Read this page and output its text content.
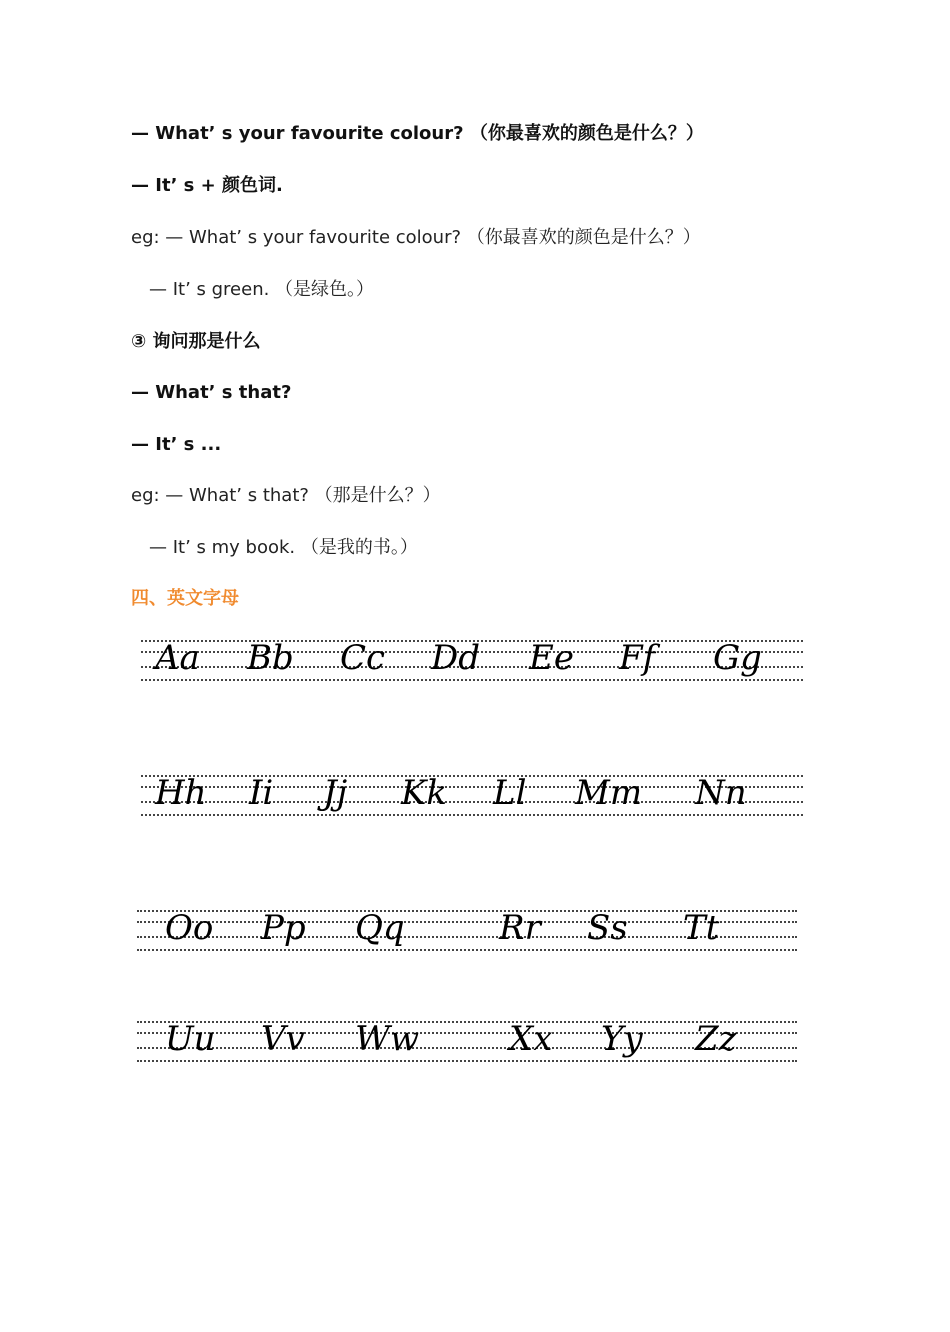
— What’ s your favourite colour? （你最喜欢的颜色是什么？）
— It’ s + 颜色词.
eg: — What’ s your favourite colour? （你最喜欢的颜色是什么？）
— It’ s green. （是绿色。）
③ 询问那是什么
— What’ s that?
— It’ s ...
eg: — What’ s that? （那是什么？）
— It’ s my book. （是我的书。）
四、英文字母
Aa Bb Cc Dd Ee Ff Gg
Hh Ii Jj Kk Ll Mm Nn
Oo Pp Qq	Rr Ss Tt
Uu Vv Ww	Xx Yy Zz
